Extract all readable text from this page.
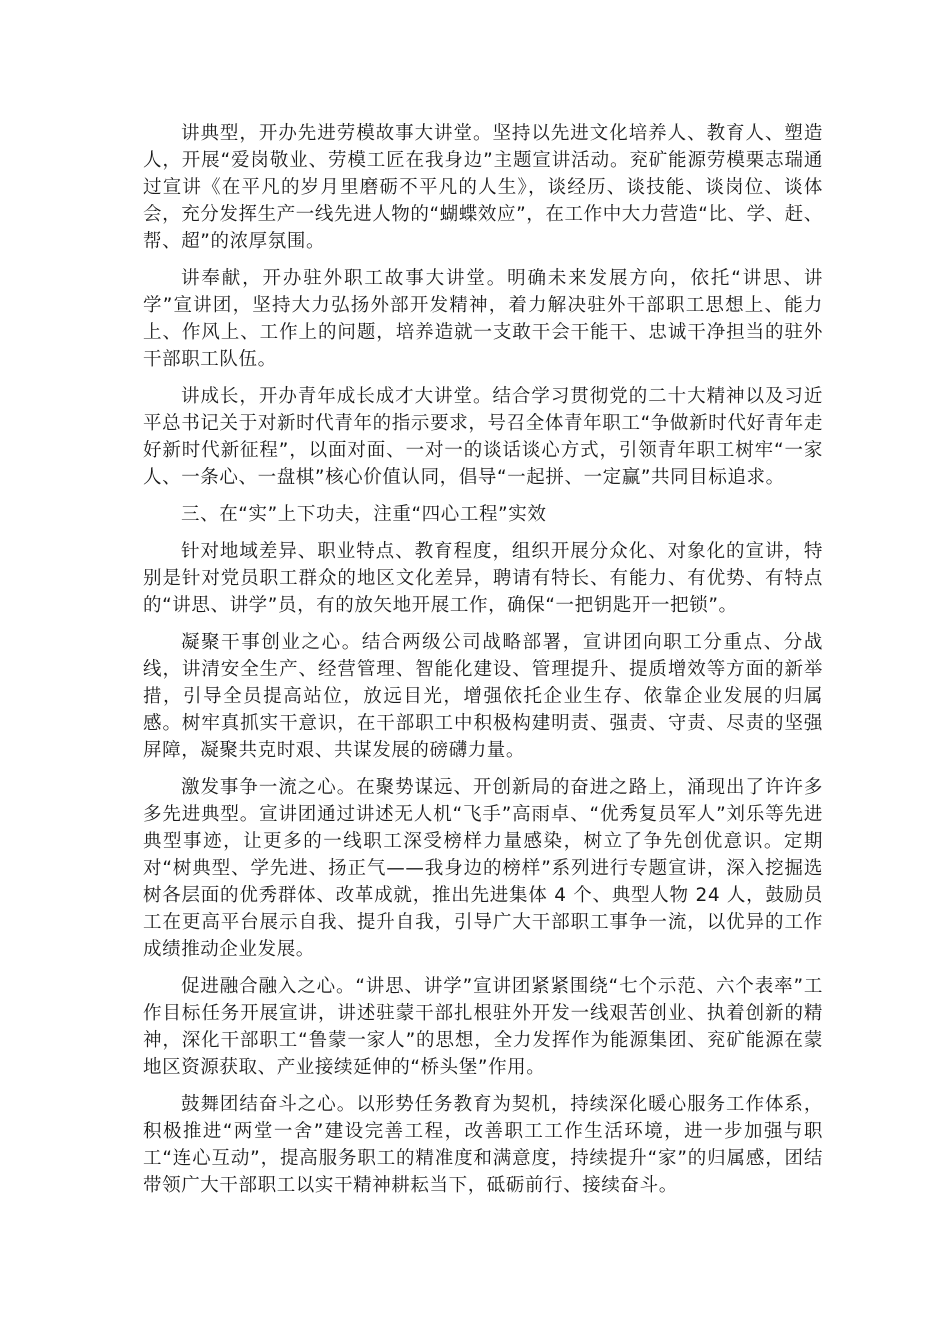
讲典型，开办先进劳模故事大讲堂。坚持以先进文化培养人、教育人、塑造人，开展“爱岗敬业、劳模工匠在我身边”主题宣讲活动。兖矿能源劳模栗志瑞通过宣讲《在平凡的岁月里磨砺不平凡的人生》，谈经历、谈技能、谈岗位、谈体会，充分发挥生产一线先进人物的“蝴蝶效应”，在工作中大力营造“比、学、赶、帮、超”的浓厚氛围。

讲奉献，开办驻外职工故事大讲堂。明确未来发展方向，依托“讲思、讲学”宣讲团，坚持大力弘扬外部开发精神，着力解决驻外干部职工思想上、能力上、作风上、工作上的问题，培养造就一支敢干会干能干、忠诚干净担当的驻外干部职工队伍。

讲成长，开办青年成长成才大讲堂。结合学习贯彻党的二十大精神以及习近平总书记关于对新时代青年的指示要求，号召全体青年职工“争做新时代好青年走好新时代新征程”，以面对面、一对一的谈话谈心方式，引领青年职工树牢“一家人、一条心、一盘棋”核心价值认同，倡导“一起拼、一定赢”共同目标追求。

三、在“实”上下功夫，注重“四心工程”实效

针对地域差异、职业特点、教育程度，组织开展分众化、对象化的宣讲，特别是针对党员职工群众的地区文化差异，聘请有特长、有能力、有优势、有特点的“讲思、讲学”员，有的放矢地开展工作，确保“一把钥匙开一把锁”。

凝聚干事创业之心。结合两级公司战略部署，宣讲团向职工分重点、分战线，讲清安全生产、经营管理、智能化建设、管理提升、提质增效等方面的新举措，引导全员提高站位，放远目光，增强依托企业生存、依靠企业发展的归属感。树牢真抓实干意识，在干部职工中积极构建明责、强责、守责、尽责的坚强屏障，凝聚共克时艰、共谋发展的磅礴力量。

激发事争一流之心。在聚势谋远、开创新局的奋进之路上，涌现出了许许多多先进典型。宣讲团通过讲述无人机“飞手”高雨卓、“优秀复员军人”刘乐等先进典型事迹，让更多的一线职工深受榜样力量感染，树立了争先创优意识。定期对“树典型、学先进、扬正气——我身边的榜样”系列进行专题宣讲，深入挖掘选树各层面的优秀群体、改革成就，推出先进集体 4 个、典型人物 24 人，鼓励员工在更高平台展示自我、提升自我，引导广大干部职工事争一流，以优异的工作成绩推动企业发展。

促进融合融入之心。“讲思、讲学”宣讲团紧紧围绕“七个示范、六个表率”工作目标任务开展宣讲，讲述驻蒙干部扎根驻外开发一线艰苦创业、执着创新的精神，深化干部职工“鲁蒙一家人”的思想，全力发挥作为能源集团、兖矿能源在蒙地区资源获取、产业接续延伸的“桥头堡”作用。

鼓舞团结奋斗之心。以形势任务教育为契机，持续深化暖心服务工作体系，积极推进“两堂一舍”建设完善工程，改善职工工作生活环境，进一步加强与职工“连心互动”，提高服务职工的精准度和满意度，持续提升“家”的归属感，团结带领广大干部职工以实干精神耕耘当下，砥砺前行、接续奋斗。
